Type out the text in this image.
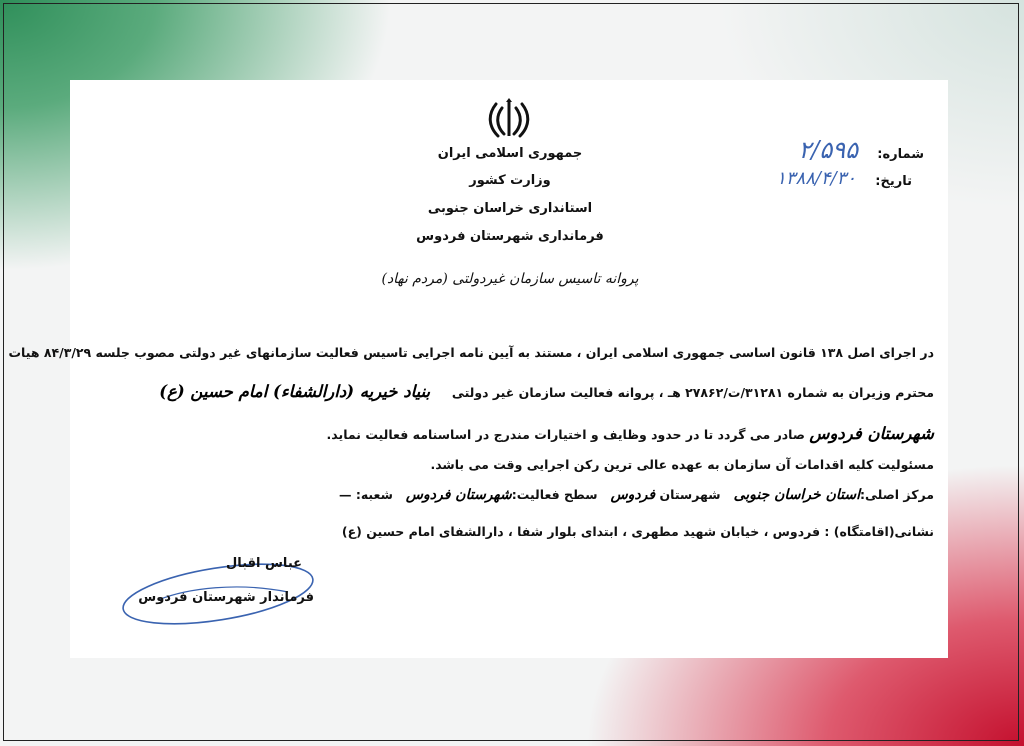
جمهوری اسلامی ایران
وزارت کشور
استانداری خراسان جنوبی
فرمانداری شهرستان فردوس
شماره:
۲/۵۹۵
تاریخ:
۱۳۸۸/۴/۳۰
پروانه تاسیس سازمان غیردولتی (مردم نهاد)
در اجرای اصل ۱۳۸ قانون اساسی جمهوری اسلامی ایران ، مستند به آیین نامه اجرایی تاسیس فعالیت سازمانهای غیر دولتی مصوب جلسه ۸۴/۳/۲۹ هیات
محترم وزیران به شماره ۳۱۲۸۱/ت/۲۷۸۶۲ هـ ، پروانه فعالیت سازمان غیر دولتی     بنیاد خیریه (دارالشفاء) امام حسین (ع)
شهرستان فردوس صادر می گردد تا در حدود وظایف و اختیارات مندرج در اساسنامه فعالیت نماید.
مسئولیت کلیه اقدامات آن سازمان به عهده عالی ترین رکن اجرایی وقت می باشد.
مرکز اصلی:استان خراسان جنوبی   شهرستان فردوس   سطح فعالیت:شهرستان فردوس   شعبه: —
نشانی(اقامتگاه) : فردوس ، خیابان شهید مطهری ، ابتدای بلوار شفا ، دارالشفای امام حسین (ع)
عباس اقبال
فرماندار شهرستان فردوس
